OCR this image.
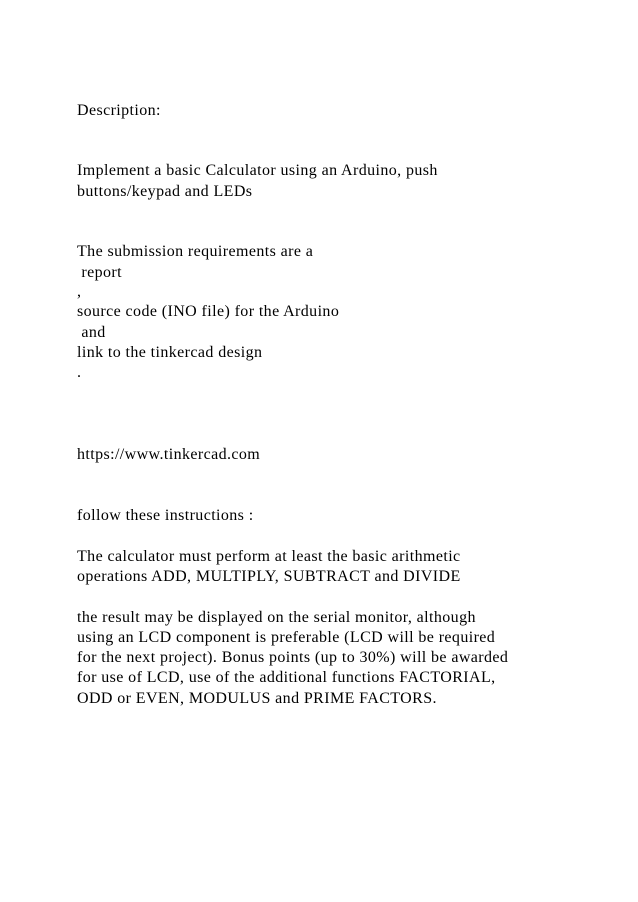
Description:
Implement a basic Calculator using an Arduino, push
buttons/keypad and LEDs
The submission requirements are a
report
,
source code (INO file) for the Arduino
and
link to the tinkercad design
.
https://www.tinkercad.com
follow these instructions :
The calculator must perform at least the basic arithmetic
operations ADD, MULTIPLY, SUBTRACT and DIVIDE
the result may be displayed on the serial monitor, although
using an LCD component is preferable (LCD will be required
for the next project). Bonus points (up to 30%) will be awarded
for use of LCD, use of the additional functions FACTORIAL,
ODD or EVEN, MODULUS and PRIME FACTORS.
